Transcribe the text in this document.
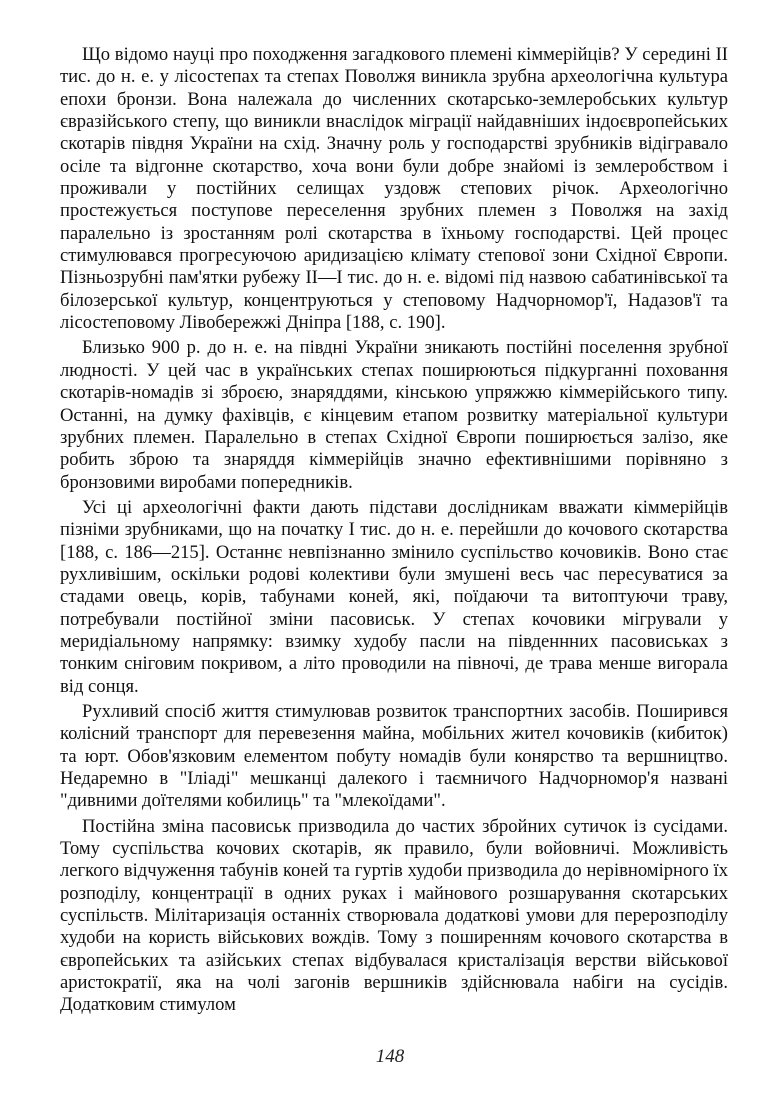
Що відомо науці про походження загадкового племені кіммерійців? У середині II тис. до н. е. у лісостепах та степах Поволжя виникла зрубна археологічна культура епохи бронзи. Вона належала до численних скотарсько-землеробських культур євразійського степу, що виникли внаслідок міграції найдавніших індоєвропейських скотарів півдня України на схід. Значну роль у господарстві зрубників відігравало осіле та відгонне скотарство, хоча вони були добре знайомі із землеробством і проживали у постійних селищах уздовж степових річок. Археологічно простежується поступове переселення зрубних племен з Поволжя на захід паралельно із зростанням ролі скотарства в їхньому господарстві. Цей процес стимулювався прогресуючою аридизацією клімату степової зони Східної Європи. Пізньозрубні пам'ятки рубежу II—I тис. до н. е. відомі під назвою сабатинівської та білозерської культур, концентруються у степовому Надчорномор'ї, Надазов'ї та лісостеповому Лівобережжі Дніпра [188, с. 190].

Близько 900 р. до н. е. на півдні України зникають постійні поселення зрубної людності. У цей час в українських степах поширюються підкурганні поховання скотарів-номадів зі зброєю, знаряддями, кінською упряжжю кіммерійського типу. Останні, на думку фахівців, є кінцевим етапом розвитку матеріальної культури зрубних племен. Паралельно в степах Східної Європи поширюється залізо, яке робить зброю та знаряддя кіммерійців значно ефективнішими порівняно з бронзовими виробами попередників.

Усі ці археологічні факти дають підстави дослідникам вважати кіммерійців пізніми зрубниками, що на початку I тис. до н. е. перейшли до кочового скотарства [188, с. 186—215]. Останнє невпізнанно змінило суспільство кочовиків. Воно стає рухливішим, оскільки родові колективи були змушені весь час пересуватися за стадами овець, корів, табунами коней, які, поїдаючи та витоптуючи траву, потребували постійної зміни пасовиськ. У степах кочовики мігрували у меридіальному напрямку: взимку худобу пасли на південнних пасовиськах з тонким сніговим покривом, а літо проводили на півночі, де трава менше вигорала від сонця.

Рухливий спосіб життя стимулював розвиток транспортних засобів. Поширився колісний транспорт для перевезення майна, мобільних жител кочовиків (кибиток) та юрт. Обов'язковим елементом побуту номадів були конярство та вершництво. Недаремно в "Іліаді" мешканці далекого і таємничого Надчорномор'я названі "дивними доїтелями кобилиць" та "млекоїдами".

Постійна зміна пасовиськ призводила до частих збройних сутичок із сусідами. Тому суспільства кочових скотарів, як правило, були войовничі. Можливість легкого відчуження табунів коней та гуртів худоби призводила до нерівномірного їх розподілу, концентрації в одних руках і майнового розшарування скотарських суспільств. Мілітаризація останніх створювала додаткові умови для перерозподілу худоби на користь військових вождів. Тому з поширенням кочового скотарства в європейських та азійських степах відбувалася кристалізація верстви військової аристократії, яка на чолі загонів вершників здійснювала набіги на сусідів. Додатковим стимулом

148
